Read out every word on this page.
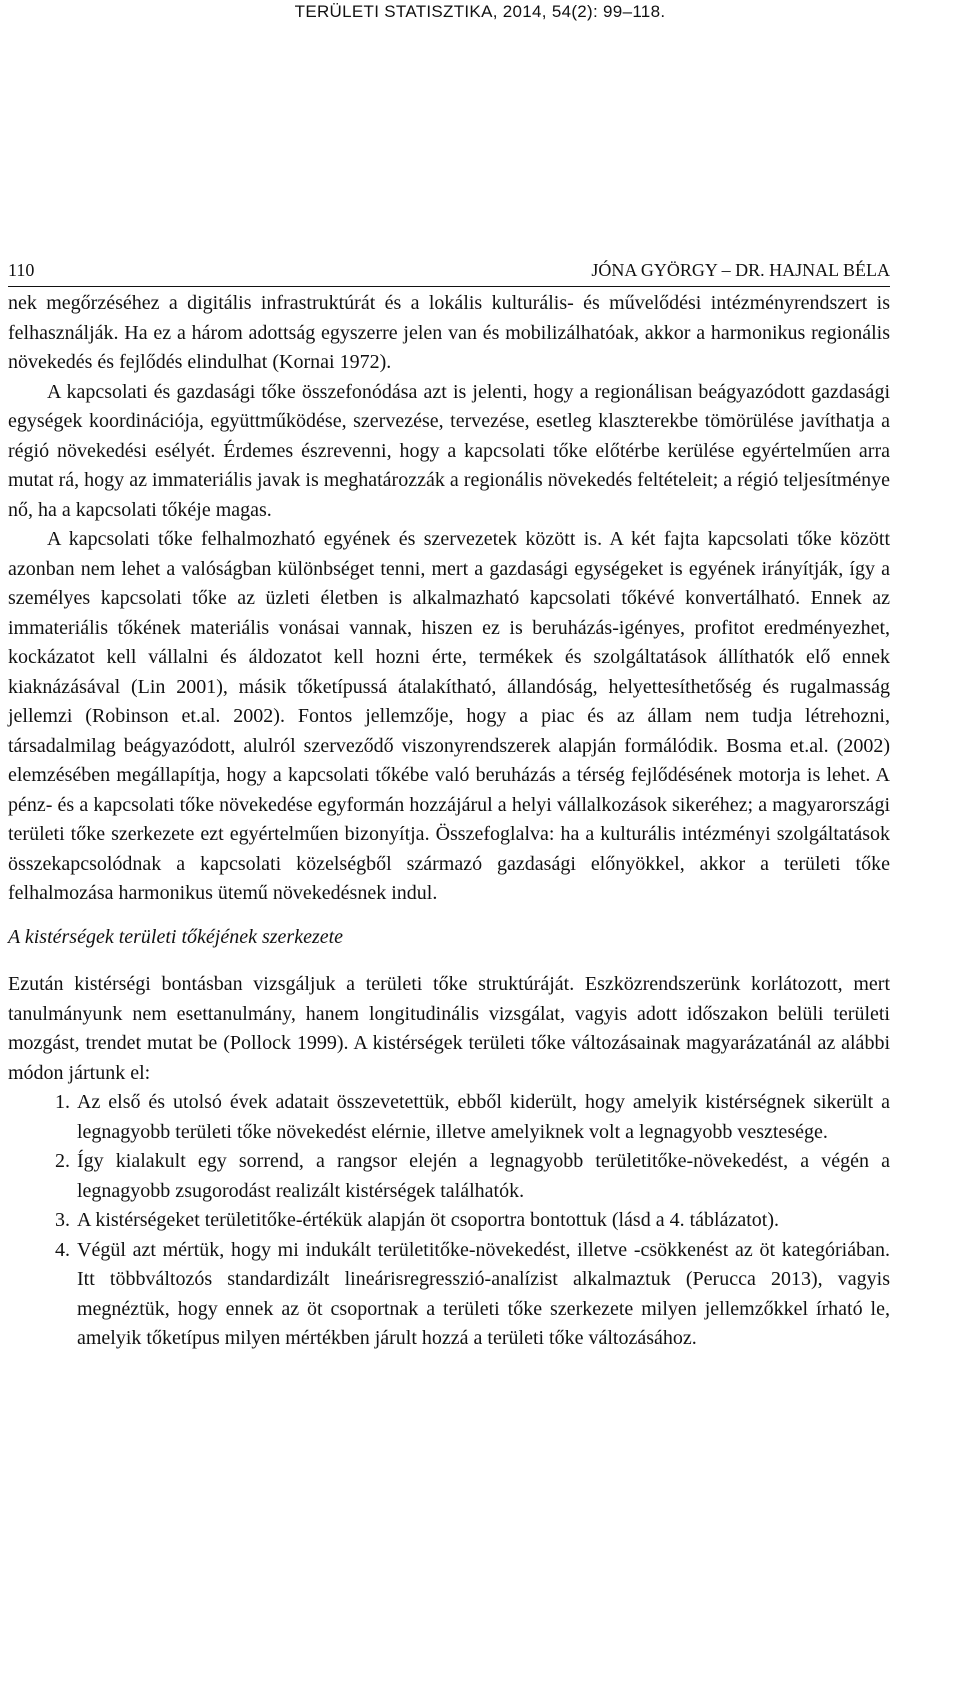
TERÜLETI STATISZTIKA, 2014, 54(2): 99–118.
110	JÓNA GYÖRGY – DR. HAJNAL BÉLA

nek megőrzéséhez a digitális infrastruktúrát és a lokális kulturális- és művelődési intézményrendszert is felhasználják. Ha ez a három adottság egyszerre jelen van és mobilizálhatóak, akkor a harmonikus regionális növekedés és fejlődés elindulhat (Kornai 1972).

A kapcsolati és gazdasági tőke összefonódása azt is jelenti, hogy a regionálisan beágyazódott gazdasági egységek koordinációja, együttműködése, szervezése, tervezése, esetleg klaszterekbe tömörülése javíthatja a régió növekedési esélyét. Érdemes észrevenni, hogy a kapcsolati tőke előtérbe kerülése egyértelműen arra mutat rá, hogy az immateriális javak is meghatározzák a regionális növekedés feltételeit; a régió teljesítménye nő, ha a kapcsolati tőkéje magas.

A kapcsolati tőke felhalmozható egyének és szervezetek között is. A két fajta kapcsolati tőke között azonban nem lehet a valóságban különbséget tenni, mert a gazdasági egységeket is egyének irányítják, így a személyes kapcsolati tőke az üzleti életben is alkalmazható kapcsolati tőkévé konvertálható. Ennek az immateriális tőkének materiális vonásai vannak, hiszen ez is beruházás-igényes, profitot eredményezhet, kockázatot kell vállalni és áldozatot kell hozni érte, termékek és szolgáltatások állíthatók elő ennek kiaknázásával (Lin 2001), másik tőketípussá átalakítható, állandóság, helyettesíthetőség és rugalmasság jellemzi (Robinson et.al. 2002). Fontos jellemzője, hogy a piac és az állam nem tudja létrehozni, társadalmilag beágyazódott, alulról szerveződő viszonyrendszerek alapján formálódik. Bosma et.al. (2002) elemzésében megállapítja, hogy a kapcsolati tőkébe való beruházás a térség fejlődésének motorja is lehet. A pénz- és a kapcsolati tőke növekedése egyformán hozzájárul a helyi vállalkozások sikeréhez; a magyarországi területi tőke szerkezete ezt egyértelműen bizonyítja. Összefoglalva: ha a kulturális intézményi szolgáltatások összekapcsolódnak a kapcsolati közelségből származó gazdasági előnyökkel, akkor a területi tőke felhalmozása harmonikus ütemű növekedésnek indul.

A kistérségek területi tőkéjének szerkezete

Ezután kistérségi bontásban vizsgáljuk a területi tőke struktúráját. Eszközrendszerünk korlátozott, mert tanulmányunk nem esettanulmány, hanem longitudinális vizsgálat, vagyis adott időszakon belüli területi mozgást, trendet mutat be (Pollock 1999). A kistérségek területi tőke változásainak magyarázatánál az alábbi módon jártunk el:

1. Az első és utolsó évek adatait összevetettük, ebből kiderült, hogy amelyik kistérségnek sikerült a legnagyobb területi tőke növekedést elérnie, illetve amelyiknek volt a legnagyobb vesztesége.
2. Így kialakult egy sorrend, a rangsor elején a legnagyobb területitőke-növekedést, a végén a legnagyobb zsugorodást realizált kistérségek találhatók.
3. A kistérségeket területitőke-értékük alapján öt csoportra bontottuk (lásd a 4. táblázatot).
4. Végül azt mértük, hogy mi indukált területitőke-növekedést, illetve -csökkenést az öt kategóriában. Itt többváltozós standardizált lineárisregresszió-analízist alkalmaztuk (Perucca 2013), vagyis megnéztük, hogy ennek az öt csoportnak a területi tőke szerkezete milyen jellemzőkkel írható le, amelyik tőketípus milyen mértékben járult hozzá a területi tőke változásához.
